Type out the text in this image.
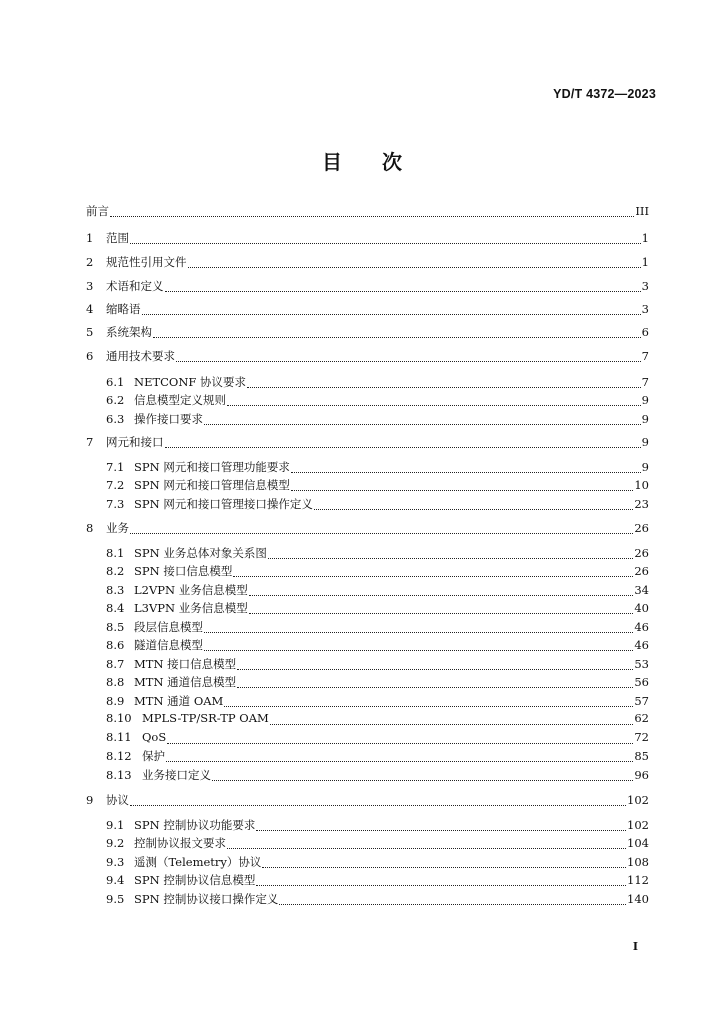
YD/T 4372—2023
目 次
前言	III
1	范围	1
2	规范性引用文件	1
3	术语和定义	3
4	缩略语	3
5	系统架构	6
6	通用技术要求	7
6.1 NETCONF 协议要求	7
6.2 信息模型定义规则	9
6.3 操作接口要求	9
7	网元和接口	9
7.1 SPN 网元和接口管理功能要求	9
7.2 SPN 网元和接口管理信息模型	10
7.3 SPN 网元和接口管理接口操作定义	23
8	业务	26
8.1 SPN 业务总体对象关系图	26
8.2 SPN 接口信息模型	26
8.3 L2VPN 业务信息模型	34
8.4 L3VPN 业务信息模型	40
8.5 段层信息模型	46
8.6 隧道信息模型	46
8.7 MTN 接口信息模型	53
8.8 MTN 通道信息模型	56
8.9 MTN 通道 OAM	57
8.10 MPLS-TP/SR-TP OAM	62
8.11 QoS	72
8.12 保护	85
8.13 业务接口定义	96
9	协议	102
9.1 SPN 控制协议功能要求	102
9.2 控制协议报文要求	104
9.3 遥测（Telemetry）协议	108
9.4 SPN 控制协议信息模型	112
9.5 SPN 控制协议接口操作定义	140
I
